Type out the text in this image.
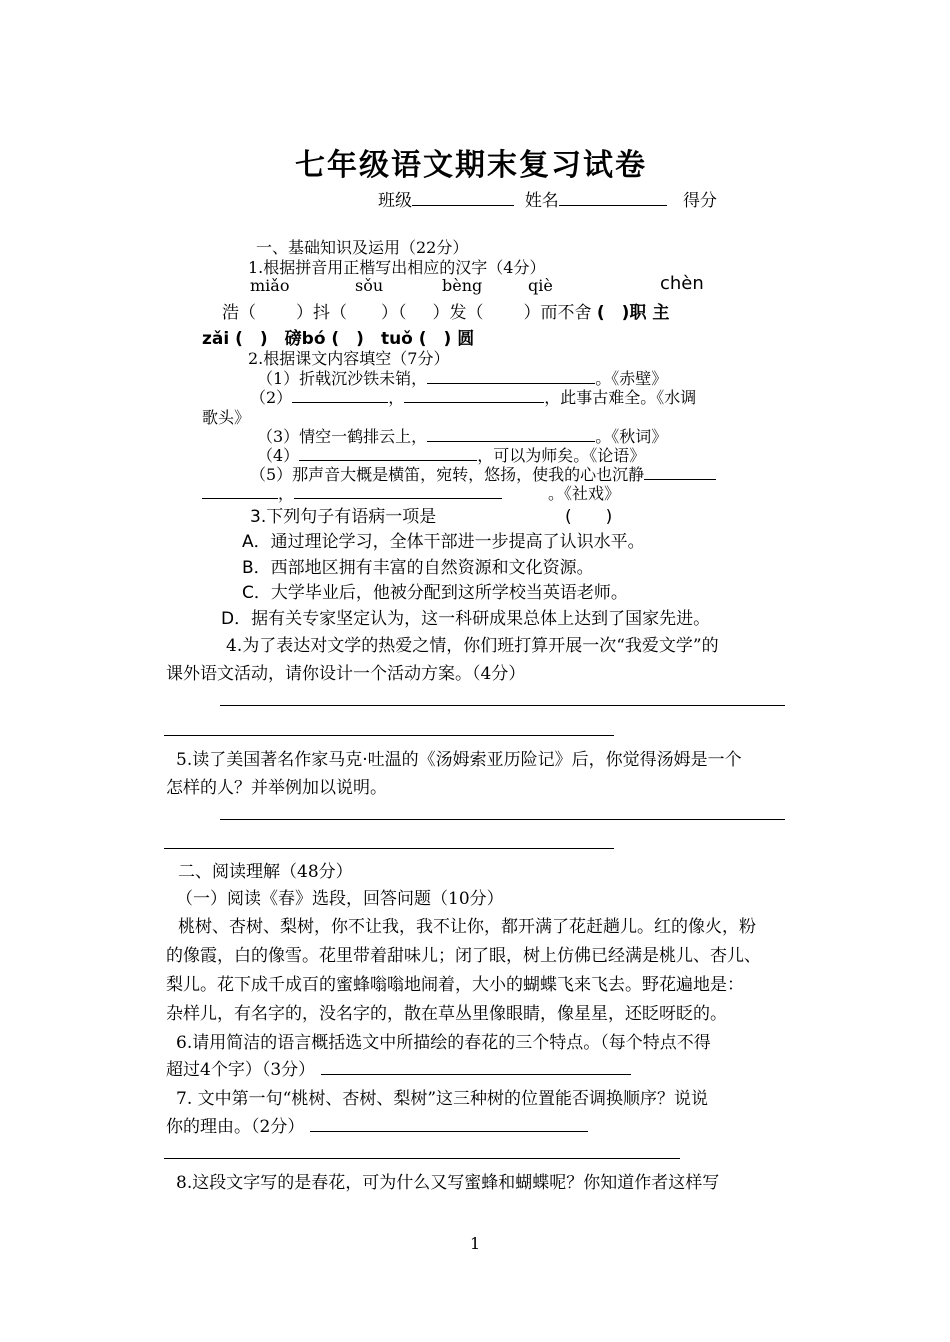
七年级语文期末复习试卷
班级	姓名	得分
一、基础知识及运用（22分）
1.根据拼音用正楷写出相应的汉字（4分）
miǎo	sǒu	bèng	qiè	chèn
浩（ ）抖（ ）（ ）发（ ）而不舍 (　)职 主
zǎi (　)　磅bó (　)　tuǒ (　) 圆
2.根据课文内容填空（7分）
（1）折戟沉沙铁未销，	。《赤壁》
（2）	，	，此事古难全。《水调
歌头》
（3）情空一鹤排云上，	。《秋词》
（4）	，可以为师矣。《论语》
（5）那声音大概是横笛，宛转，悠扬，使我的心也沉静
，	。《社戏》
3.下列句子有语病一项是	(　　)
A．通过理论学习，全体干部进一步提高了认识水平。
B．西部地区拥有丰富的自然资源和文化资源。
C．大学毕业后，他被分配到这所学校当英语老师。
D．据有关专家坚定认为，这一科研成果总体上达到了国家先进。
4.为了表达对文学的热爱之情，你们班打算开展一次“我爱文学”的
课外语文活动，请你设计一个活动方案。（4分）
5.读了美国著名作家马克·吐温的《汤姆索亚历险记》后，你觉得汤姆是一个
怎样的人？并举例加以说明。
二、阅读理解（48分）
（一）阅读《春》选段，回答问题（10分）
桃树、杏树、梨树，你不让我，我不让你，都开满了花赶趟儿。红的像火，粉
的像霞，白的像雪。花里带着甜味儿；闭了眼，树上仿佛已经满是桃儿、杏儿、
梨儿。花下成千成百的蜜蜂嗡嗡地闹着，大小的蝴蝶飞来飞去。野花遍地是：
杂样儿，有名字的，没名字的，散在草丛里像眼睛，像星星，还眨呀眨的。
6.请用简洁的语言概括选文中所描绘的春花的三个特点。（每个特点不得
超过4个字）（3分）
7. 文中第一句“桃树、杏树、梨树”这三种树的位置能否调换顺序？说说
你的理由。（2分）
8.这段文字写的是春花，可为什么又写蜜蜂和蝴蝶呢？你知道作者这样写
1
